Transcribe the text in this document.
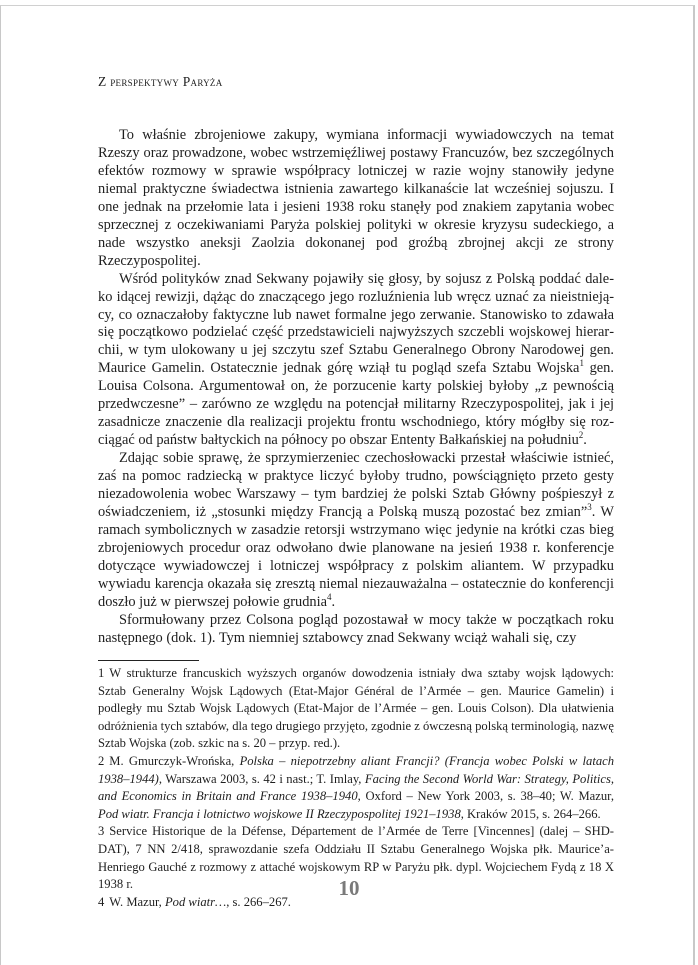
Z perspektywy Paryża

To właśnie zbrojeniowe zakupy, wymiana informacji wywiadowczych na temat Rzeszy oraz prowadzone, wobec wstrzemięźliwej postawy Francuzów, bez szczególnych efektów rozmowy w sprawie współpracy lotniczej w razie wojny stanowiły jedyne niemal praktyczne świadectwa istnienia zawartego kilkanaście lat wcześniej sojuszu. I one jednak na przełomie lata i jesieni 1938 roku stanęły pod znakiem zapytania wobec sprzecznej z oczekiwaniami Paryża polskiej polityki w okresie kryzysu sudeckiego, a nade wszystko aneksji Zaolzia dokonanej pod groźbą zbrojnej akcji ze strony Rzeczypospolitej.

Wśród polityków znad Sekwany pojawiły się głosy, by sojusz z Polską poddać daleko idącej rewizji, dążąc do znaczącego jego rozluźnienia lub wręcz uznać za nieistniejący, co oznaczałoby faktyczne lub nawet formalne jego zerwanie. Stanowisko to zdawała się początkowo podzielać część przedstawicieli najwyższych szczebli wojskowej hierarchii, w tym ulokowany u jej szczytu szef Sztabu Generalnego Obrony Narodowej gen. Maurice Gamelin. Ostatecznie jednak górę wziął tu pogląd szefa Sztabu Wojska$^1$ gen. Louisa Colsona. Argumentował on, że porzucenie karty polskiej byłoby „z pewnością przedwczesne” – zarówno ze względu na potencjał militarny Rzeczypospolitej, jak i jej zasadnicze znaczenie dla realizacji projektu frontu wschodniego, który mógłby się rozciągać od państw bałtyckich na północy po obszar Ententy Bałkańskiej na południu$^2$.

Zdając sobie sprawę, że sprzymierzeniec czechosłowacki przestał właściwie istnieć, zaś na pomoc radziecką w praktyce liczyć byłoby trudno, powściągnięto przeto gesty niezadowolenia wobec Warszawy – tym bardziej że polski Sztab Główny pośpieszył z oświadczeniem, iż „stosunki między Francją a Polską muszą pozostać bez zmian”$^3$. W ramach symbolicznych w zasadzie retorsji wstrzymano więc jedynie na krótki czas bieg zbrojeniowych procedur oraz odwołano dwie planowane na jesień 1938 r. konferencje dotyczące wywiadowczej i lotniczej współpracy z polskim aliantem. W przypadku wywiadu karencja okazała się zresztą niemal niezauważalna – ostatecznie do konferencji doszło już w pierwszej połowie grudnia$^4$.

Sformułowany przez Colsona pogląd pozostawał w mocy także w początkach roku następnego (dok. 1). Tym niemniej sztabowcy znad Sekwany wciąż wahali się, czy

1 W strukturze francuskich wyższych organów dowodzenia istniały dwa sztaby wojsk lądowych: Sztab Generalny Wojsk Lądowych (Etat-Major Général de l’Armée – gen. Maurice Gamelin) i podległy mu Sztab Wojsk Lądowych (Etat-Major de l’Armée – gen. Louis Colson). Dla ułatwienia odróżnienia tych sztabów, dla tego drugiego przyjęto, zgodnie z ówczesną polską terminologią, nazwę Sztab Wojska (zob. szkic na s. 20 – przyp. red.).

2 M. Gmurczyk-Wrońska, Polska – niepotrzebny aliant Francji? (Francja wobec Polski w latach 1938–1944), Warszawa 2003, s. 42 i nast.; T. Imlay, Facing the Second World War: Strategy, Politics, and Economics in Britain and France 1938–1940, Oxford – New York 2003, s. 38–40; W. Mazur, Pod wiatr. Francja i lotnictwo wojskowe II Rzeczypospolitej 1921–1938, Kraków 2015, s. 264–266.

3 Service Historique de la Défense, Département de l’Armée de Terre [Vincennes] (dalej – SHD-DAT), 7 NN 2/418, sprawozdanie szefa Oddziału II Sztabu Generalnego Wojska płk. Maurice’a-Henriego Gauché z rozmowy z attaché wojskowym RP w Paryżu płk. dypl. Wojciechem Fydą z 18 X 1938 r.

4 W. Mazur, Pod wiatr…, s. 266–267.

10
